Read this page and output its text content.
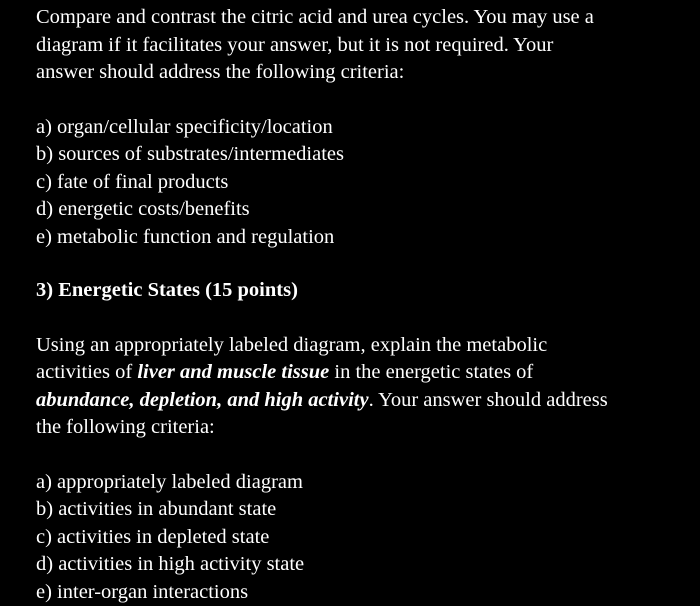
Compare and contrast the citric acid and urea cycles. You may use a
diagram if it facilitates your answer, but it is not required. Your
answer should address the following criteria:
a) organ/cellular specificity/location
b) sources of substrates/intermediates
c) fate of final products
d) energetic costs/benefits
e) metabolic function and regulation
3) Energetic States (15 points)
Using an appropriately labeled diagram, explain the metabolic
activities of liver and muscle tissue in the energetic states of
abundance, depletion, and high activity. Your answer should address
the following criteria:
a) appropriately labeled diagram
b) activities in abundant state
c) activities in depleted state
d) activities in high activity state
e) inter-organ interactions
